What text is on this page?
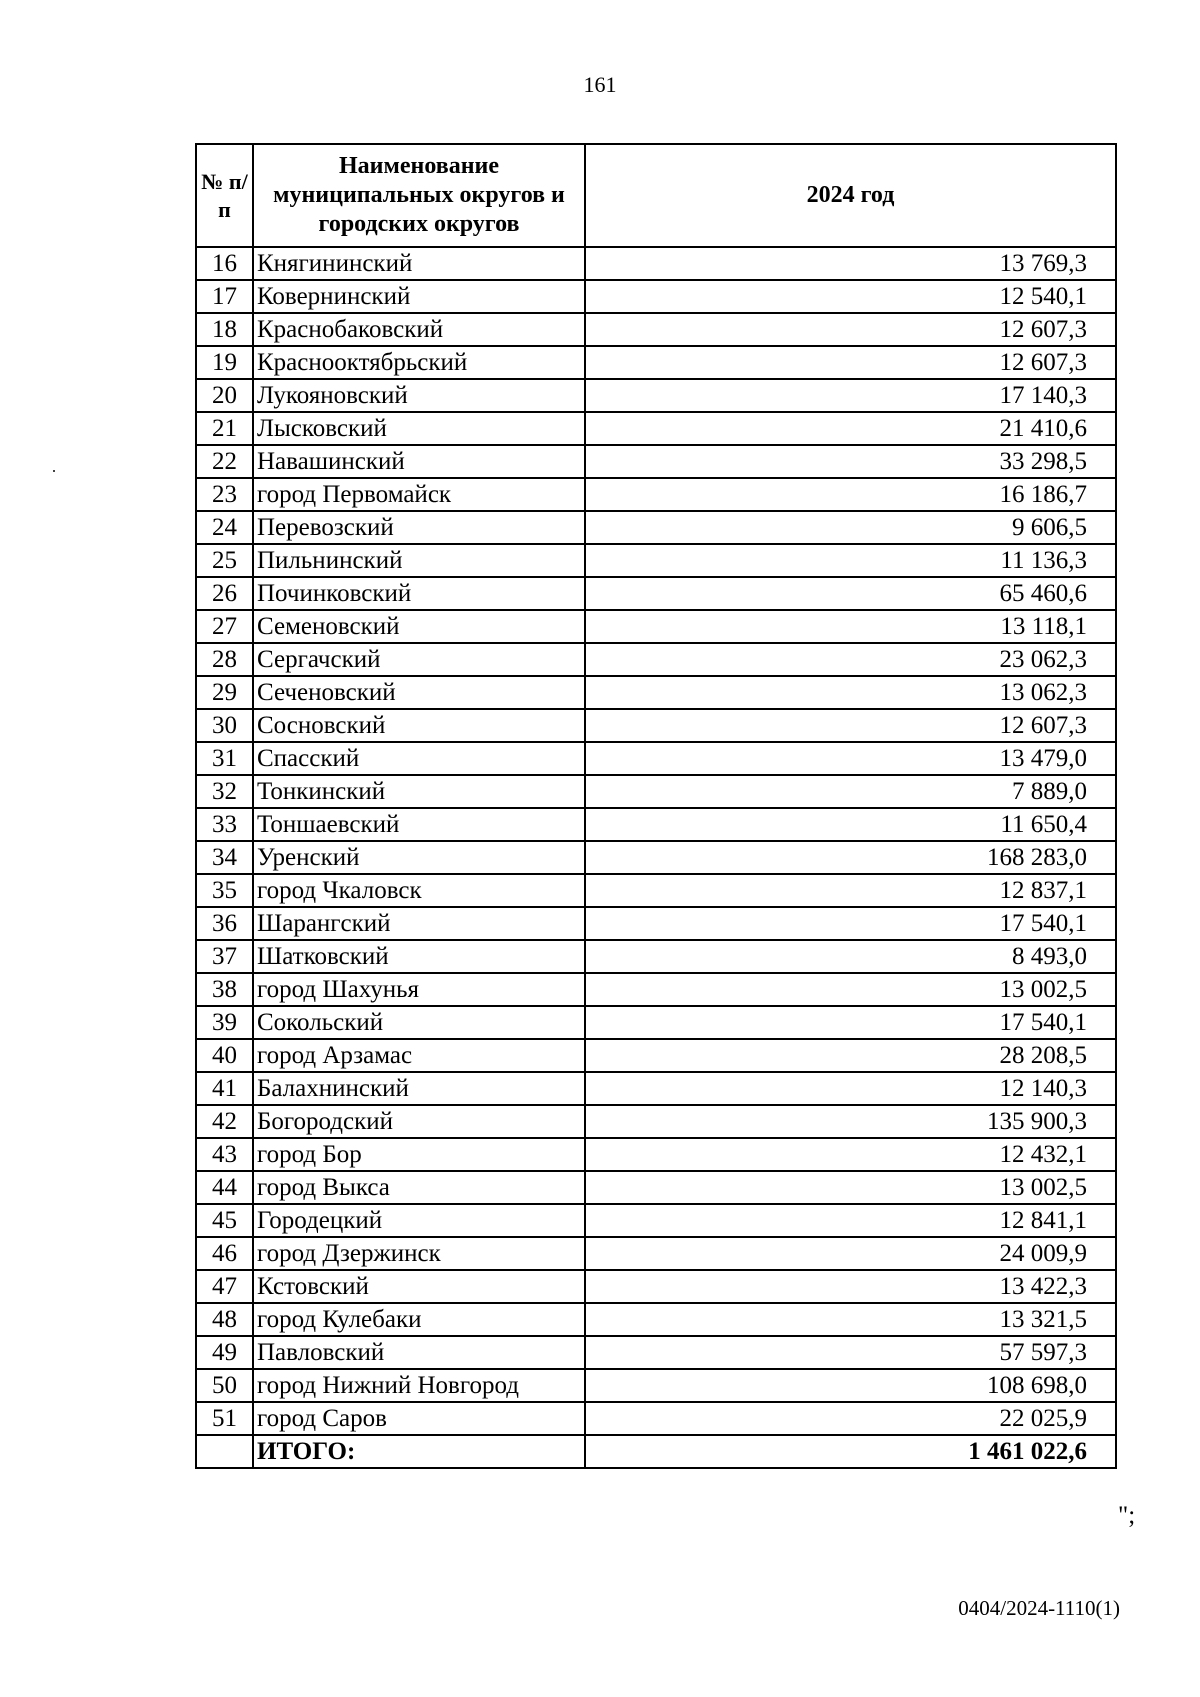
161
№ п/п	Наименование муниципальных округов и городских округов	2024 год
16	Княгининский	13 769,3
17	Ковернинский	12 540,1
18	Краснобаковский	12 607,3
19	Краснооктябрьский	12 607,3
20	Лукояновский	17 140,3
21	Лысковский	21 410,6
22	Навашинский	33 298,5
23	город Первомайск	16 186,7
24	Перевозский	9 606,5
25	Пильнинский	11 136,3
26	Починковский	65 460,6
27	Семеновский	13 118,1
28	Сергачский	23 062,3
29	Сеченовский	13 062,3
30	Сосновский	12 607,3
31	Спасский	13 479,0
32	Тонкинский	7 889,0
33	Тоншаевский	11 650,4
34	Уренский	168 283,0
35	город Чкаловск	12 837,1
36	Шарангский	17 540,1
37	Шатковский	8 493,0
38	город Шахунья	13 002,5
39	Сокольский	17 540,1
40	город Арзамас	28 208,5
41	Балахнинский	12 140,3
42	Богородский	135 900,3
43	город Бор	12 432,1
44	город Выкса	13 002,5
45	Городецкий	12 841,1
46	город Дзержинск	24 009,9
47	Кстовский	13 422,3
48	город Кулебаки	13 321,5
49	Павловский	57 597,3
50	город Нижний Новгород	108 698,0
51	город Саров	22 025,9
	ИТОГО:	1 461 022,6
";
0404/2024-1110(1)
